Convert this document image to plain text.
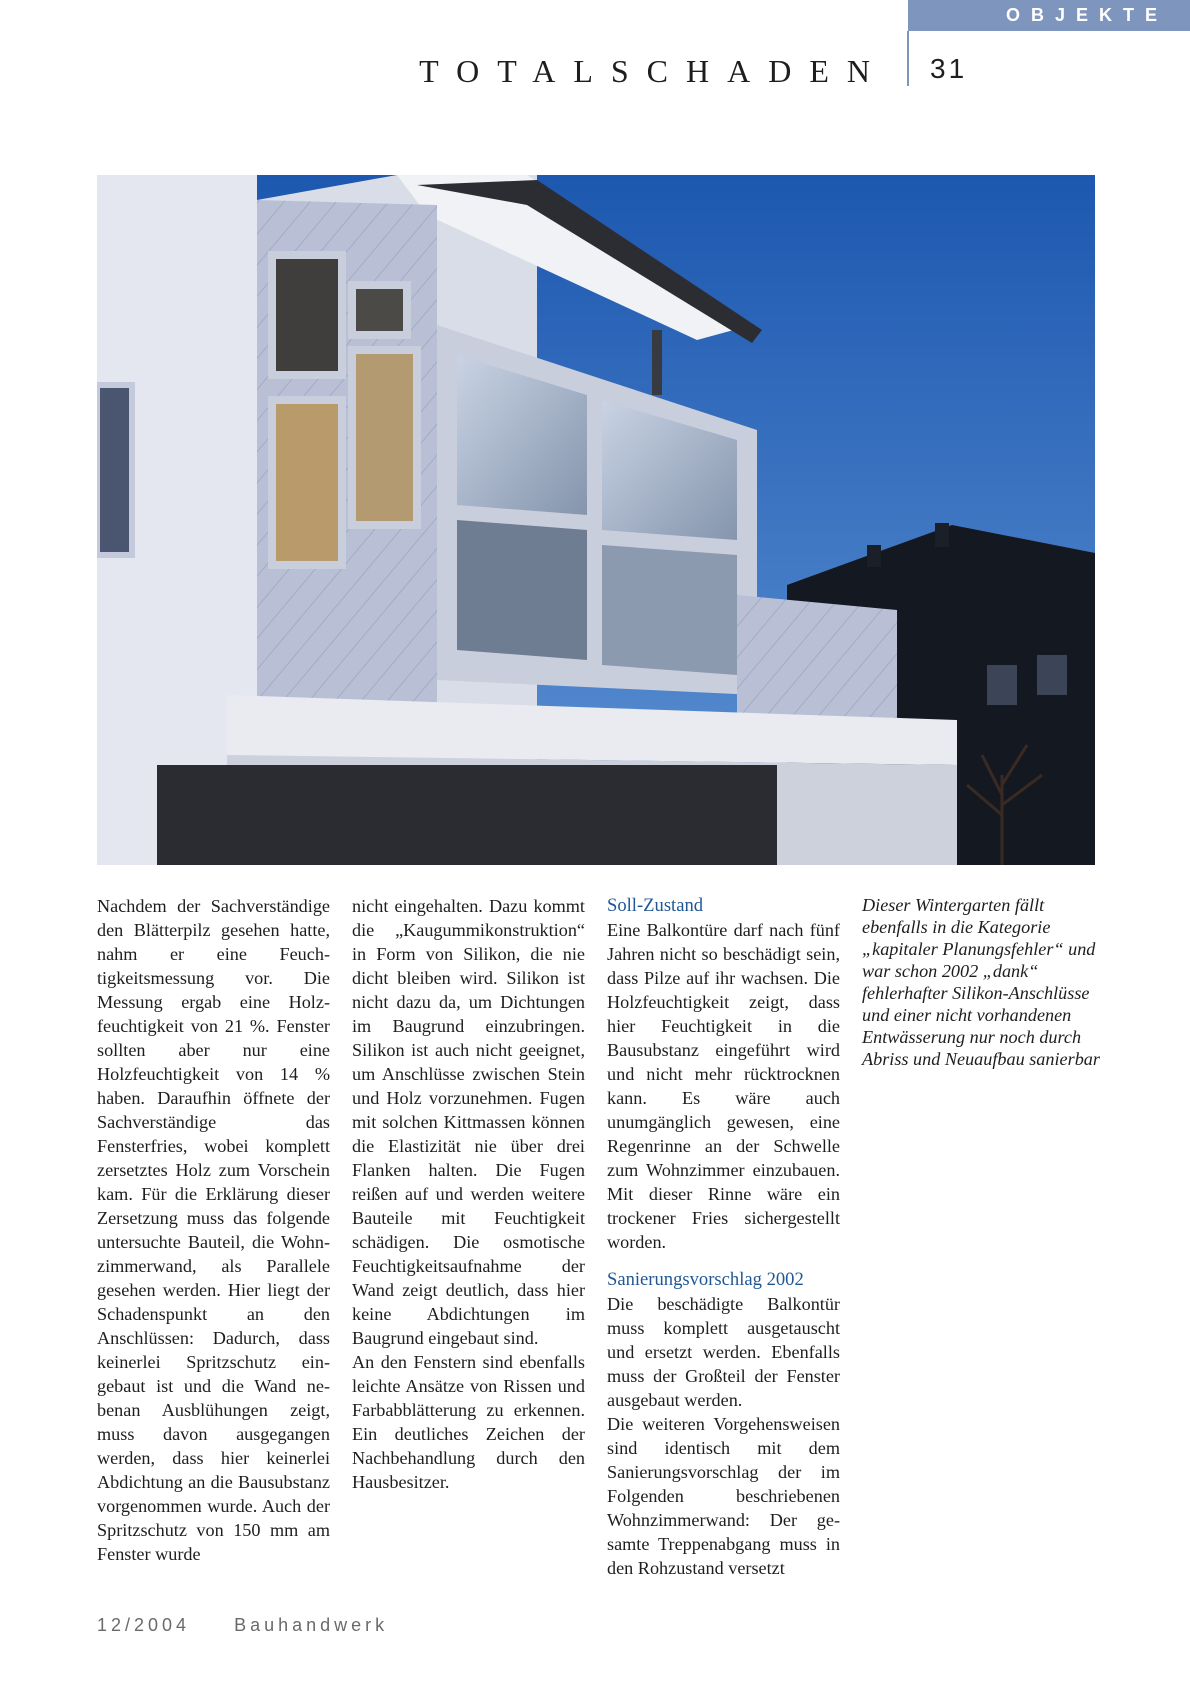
OBJEKTE
TOTALSCHADEN 31

Nachdem der Sachverständige den Blätterpilz gesehen hatte, nahm er eine Feuchtigkeitsmessung vor. Die Messung ergab eine Holzfeuchtigkeit von 21 %. Fenster sollten aber nur eine Holzfeuchtigkeit von 14 % haben. Daraufhin öffnete der Sachverständige das Fensterfries, wobei komplett zersetztes Holz zum Vorschein kam. Für die Erklärung dieser Zersetzung muss das folgende untersuchte Bauteil, die Wohnzimmerwand, als Parallele gesehen werden. Hier liegt der Schadenspunkt an den Anschlüssen: Dadurch, dass keinerlei Spritzschutz eingebaut ist und die Wand nebenan Ausblühungen zeigt, muss davon ausgegangen werden, dass hier keinerlei Abdichtung an die Bausubstanz vorgenommen wurde. Auch der Spritzschutz von 150 mm am Fenster wurde

nicht eingehalten. Dazu kommt die „Kaugummikonstruktion“ in Form von Silikon, die nie dicht bleiben wird. Silikon ist nicht dazu da, um Dichtungen im Baugrund einzubringen. Silikon ist auch nicht geeignet, um Anschlüsse zwischen Stein und Holz vorzunehmen. Fugen mit solchen Kittmassen können die Elastizität nie über drei Flanken halten. Die Fugen reißen auf und werden weitere Bauteile mit Feuchtigkeit schädigen. Die osmotische Feuchtigkeitsaufnahme der Wand zeigt deutlich, dass hier keine Abdichtungen im Baugrund eingebaut sind.

An den Fenstern sind ebenfalls leichte Ansätze von Rissen und Farbabblätterung zu erkennen. Ein deutliches Zeichen der Nachbehandlung durch den Hausbesitzer.

Soll-Zustand

Eine Balkontüre darf nach fünf Jahren nicht so beschädigt sein, dass Pilze auf ihr wachsen. Die Holzfeuchtigkeit zeigt, dass hier Feuchtigkeit in die Bausubstanz eingeführt wird und nicht mehr rücktrocknen kann. Es wäre auch unumgänglich gewesen, eine Regenrinne an der Schwelle zum Wohnzimmer einzubauen. Mit dieser Rinne wäre ein trockener Fries sichergestellt worden.

Sanierungsvorschlag 2002

Die beschädigte Balkontür muss komplett ausgetauscht und ersetzt werden. Ebenfalls muss der Großteil der Fenster ausgebaut werden.

Die weiteren Vorgehensweisen sind identisch mit dem Sanierungsvorschlag der im Folgenden beschriebenen Wohnzimmerwand: Der gesamte Treppenabgang muss in den Rohzustand versetzt

Dieser Wintergarten fällt ebenfalls in die Kategorie „kapitaler Planungsfehler“ und war schon 2002 „dank“ fehlerhafter Silikon-Anschlüsse und einer nicht vorhandenen Entwässerung nur noch durch Abriss und Neuaufbau sanierbar

12/2004 Bauhandwerk
